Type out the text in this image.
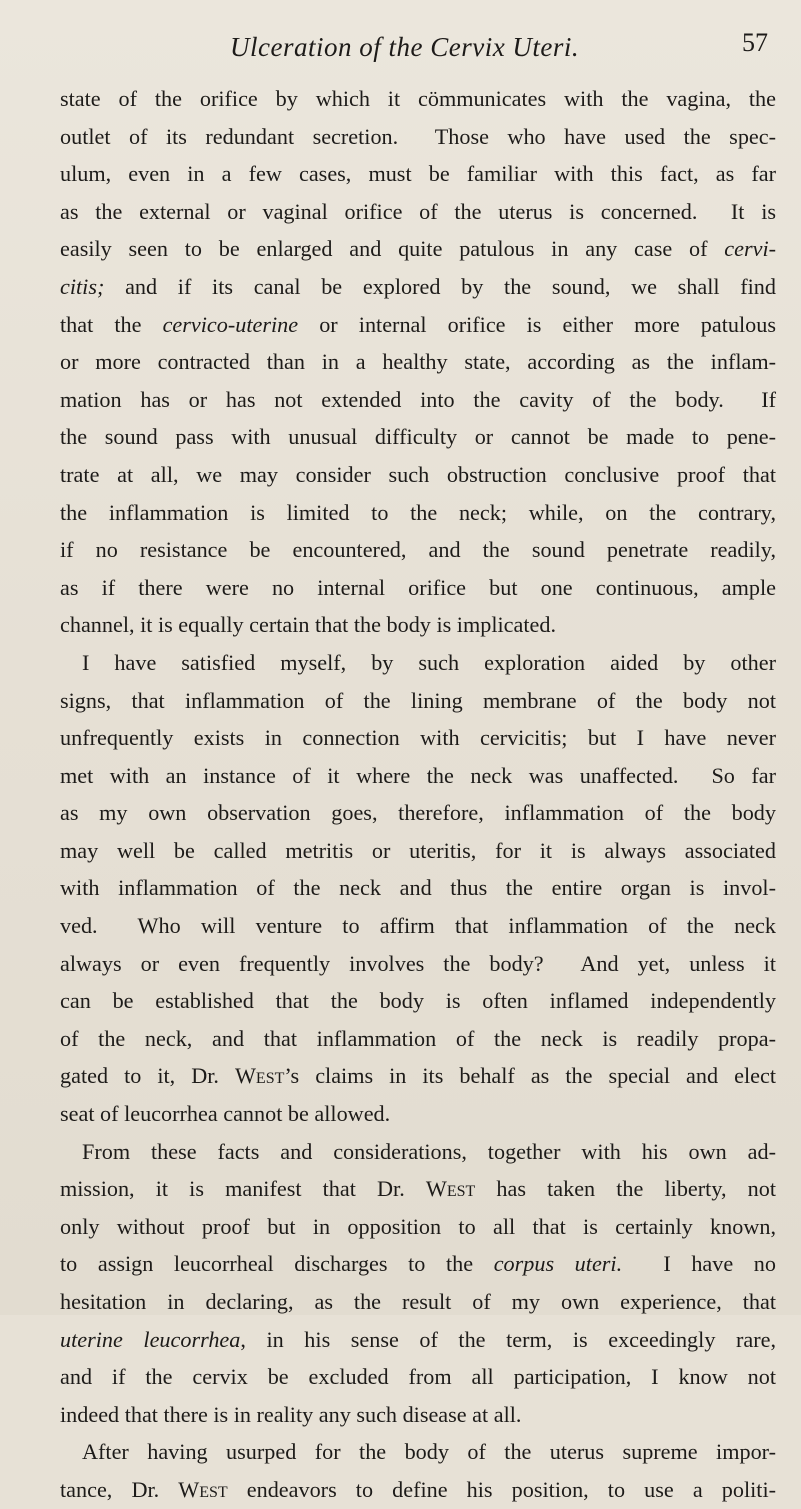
Ulceration of the Cervix Uteri.	57
state of the orifice by which it cömmunicates with the vagina, the
outlet of its redundant secretion.  Those who have used the spec-
ulum, even in a few cases, must be familiar with this fact, as far
as the external or vaginal orifice of the uterus is concerned.  It is
easily seen to be enlarged and quite patulous in any case of cervi-
citis; and if its canal be explored by the sound, we shall find
that the cervico-uterine or internal orifice is either more patulous
or more contracted than in a healthy state, according as the inflam-
mation has or has not extended into the cavity of the body.  If
the sound pass with unusual difficulty or cannot be made to pene-
trate at all, we may consider such obstruction conclusive proof that
the inflammation is limited to the neck; while, on the contrary,
if no resistance be encountered, and the sound penetrate readily,
as if there were no internal orifice but one continuous, ample
channel, it is equally certain that the body is implicated.
I have satisfied myself, by such exploration aided by other
signs, that inflammation of the lining membrane of the body not
unfrequently exists in connection with cervicitis; but I have never
met with an instance of it where the neck was unaffected.  So far
as my own observation goes, therefore, inflammation of the body
may well be called metritis or uteritis, for it is always associated
with inflammation of the neck and thus the entire organ is invol-
ved.  Who will venture to affirm that inflammation of the neck
always or even frequently involves the body?  And yet, unless it
can be established that the body is often inflamed independently
of the neck, and that inflammation of the neck is readily propa-
gated to it, Dr. West’s claims in its behalf as the special and elect
seat of leucorrhea cannot be allowed.
From these facts and considerations, together with his own ad-
mission, it is manifest that Dr. West has taken the liberty, not
only without proof but in opposition to all that is certainly known,
to assign leucorrheal discharges to the corpus uteri.  I have no
hesitation in declaring, as the result of my own experience, that
uterine leucorrhea, in his sense of the term, is exceedingly rare,
and if the cervix be excluded from all participation, I know not
indeed that there is in reality any such disease at all.
After having usurped for the body of the uterus supreme impor-
tance, Dr. West endeavors to define his position, to use a politi-
